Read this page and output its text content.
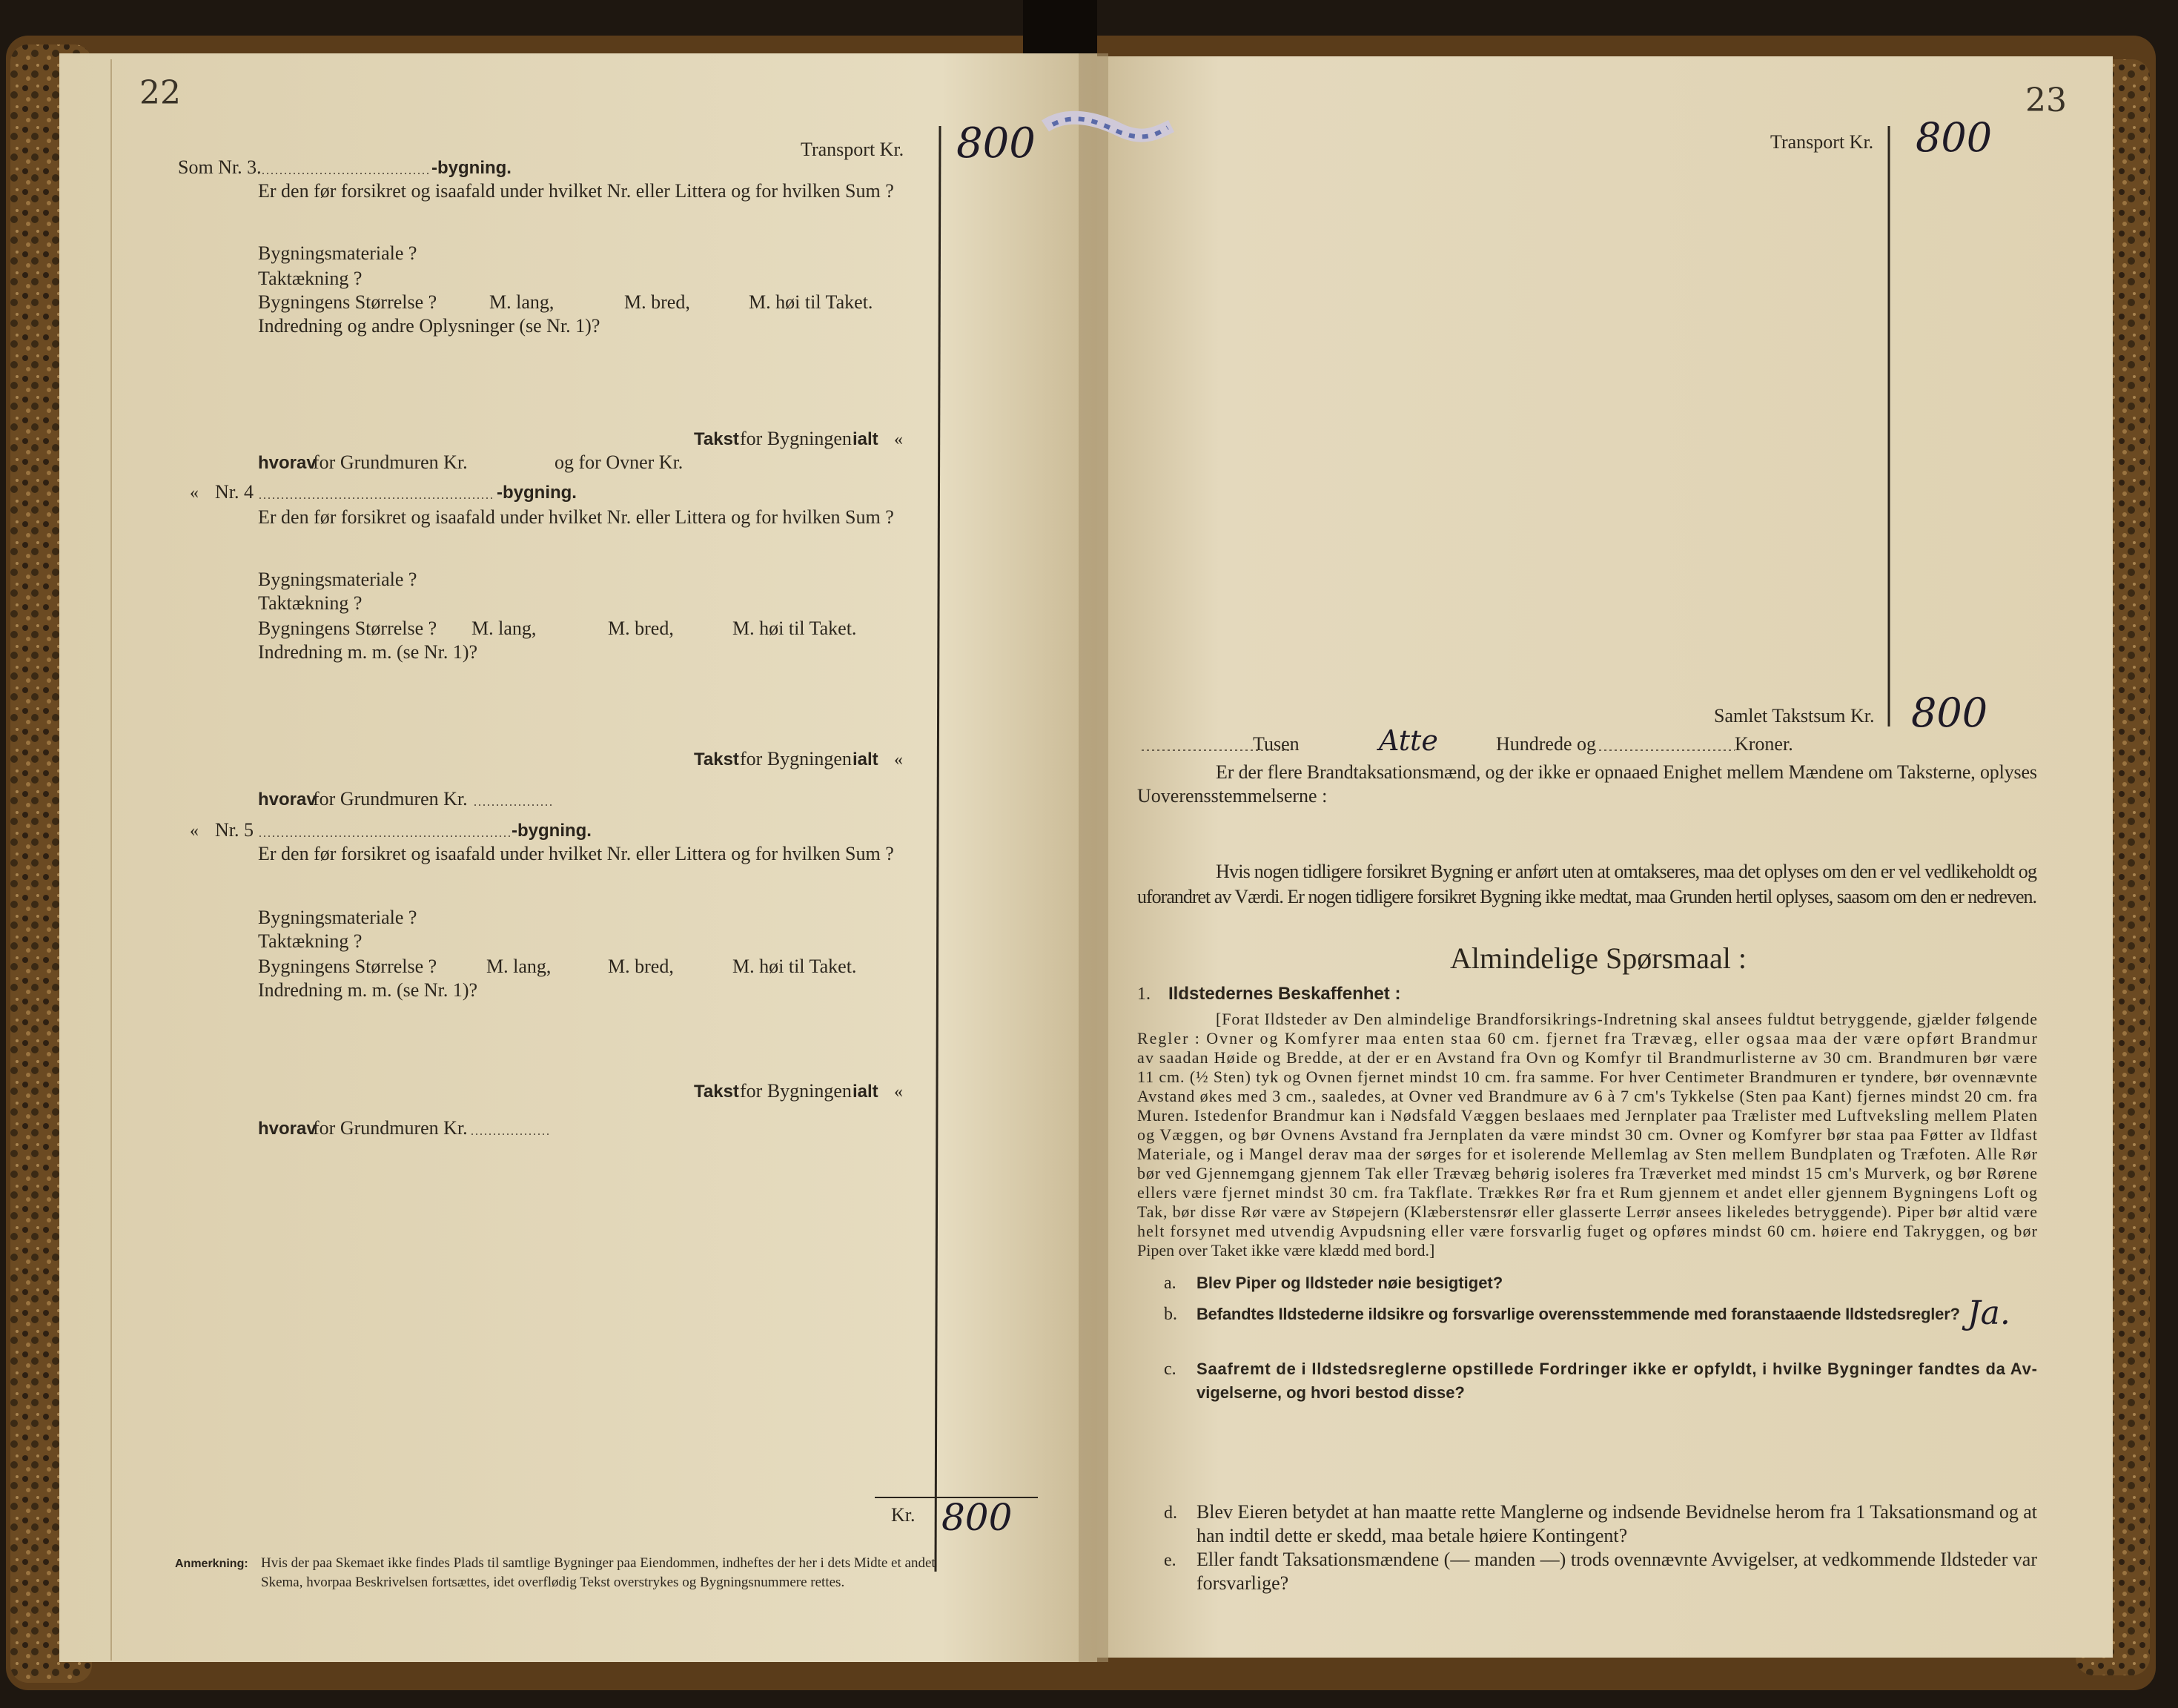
22
Transport Kr. 800
Som Nr. 3.	-bygning.
Er den før forsikret og isaafald under hvilket Nr. eller Littera og for hvilken Sum ?
Bygningsmateriale ?
Taktækning ?
Bygningens Størrelse ?	M. lang,	M. bred,	M. høi til Taket.
Indredning og andre Oplysninger (se Nr. 1)?
Takst for Bygningen ialt «
hvorav
for Grundmuren Kr.	og for Ovner Kr.
« Nr. 4	-bygning.
Er den før forsikret og isaafald under hvilket Nr. eller Littera og for hvilken Sum ?
Bygningsmateriale ?
Taktækning ?
Bygningens Størrelse ? M. lang,	M. bred,	M. høi til Taket.
Indredning m. m. (se Nr. 1)?
Takst for Bygningen ialt «
hvorav
for Grundmuren Kr.
« Nr. 5	-bygning.
Er den før forsikret og isaafald under hvilket Nr. eller Littera og for hvilken Sum ?
Bygningsmateriale ?
Taktækning ?
Bygningens Størrelse ?	M. lang,	M. bred,	M. høi til Taket.
Indredning m. m. (se Nr. 1)?
Takst for Bygningen ialt «
hvorav
for Grundmuren Kr.
Kr. 800
Anmerkning: Hvis der paa Skemaet ikke findes Plads til samtlige Bygninger paa Eiendommen, indheftes der her i dets Midte et andet
Skema, hvorpaa Beskrivelsen fortsættes, idet overflødig Tekst overstrykes og Bygningsnummere rettes.
23
Transport Kr. 800
Samlet Takstsum Kr. 800
Tusen	Atte	Hundrede og	Kroner.
Er der flere Brandtaksationsmænd, og der ikke er opnaaed Enighet mellem Mændene om Taksterne, oplyses
Uoverensstemmelserne :
Hvis nogen tidligere forsikret Bygning er anført uten at omtakseres, maa det oplyses om den er vel vedlikeholdt og
uforandret av Værdi. Er nogen tidligere forsikret Bygning ikke medtat, maa Grunden hertil oplyses, saasom om den er nedreven.
Almindelige Spørsmaal :
1. Ildstedernes Beskaffenhet :
[Forat Ildsteder av Den almindelige Brandforsikrings-Indretning skal ansees fuldtut betryggende, gjælder følgende
Regler : Ovner og Komfyrer maa enten staa 60 cm. fjernet fra Trævæg, eller ogsaa maa der være opført Brandmur
av saadan Høide og Bredde, at der er en Avstand fra Ovn og Komfyr til Brandmurlisterne av 30 cm. Brandmuren bør være
11 cm. (½ Sten) tyk og Ovnen fjernet mindst 10 cm. fra samme. For hver Centimeter Brandmuren er tyndere, bør ovennævnte
Avstand økes med 3 cm., saaledes, at Ovner ved Brandmure av 6 à 7 cm's Tykkelse (Sten paa Kant) fjernes mindst 20 cm. fra
Muren. Istedenfor Brandmur kan i Nødsfald Væggen beslaaes med Jernplater paa Trælister med Luftveksling mellem Platen
og Væggen, og bør Ovnens Avstand fra Jernplaten da være mindst 30 cm. Ovner og Komfyrer bør staa paa Føtter av Ildfast
Materiale, og i Mangel derav maa der sørges for et isolerende Mellemlag av Sten mellem Bundplaten og Træfoten. Alle Rør
bør ved Gjennemgang gjennem Tak eller Trævæg behørig isoleres fra Træverket med mindst 15 cm's Murverk, og bør Rørene
ellers være fjernet mindst 30 cm. fra Takflate. Trækkes Rør fra et Rum gjennem et andet eller gjennem Bygningens Loft og
Tak, bør disse Rør være av Støpejern (Klæberstensrør eller glasserte Lerrør ansees likeledes betryggende). Piper bør altid være
helt forsynet med utvendig Avpudsning eller være forsvarlig fuget og opføres mindst 60 cm. høiere end Takryggen, og bør
Pipen over Taket ikke være klædd med bord.]
a. Blev Piper og Ildsteder nøie besigtiget?
b. Befandtes Ildstederne ildsikre og forsvarlige overensstemmende med foranstaaende Ildstedsregler? Ja.
c. Saafremt de i Ildstedsreglerne opstillede Fordringer ikke er opfyldt, i hvilke Bygninger fandtes da Av-
vigelserne, og hvori bestod disse?
d. Blev Eieren betydet at han maatte rette Manglerne og indsende Bevidnelse herom fra 1 Taksationsmand og at
han indtil dette er skedd, maa betale høiere Kontingent?
e. Eller fandt Taksationsmændene (— manden —) trods ovennævnte Avvigelser, at vedkommende Ildsteder var
forsvarlige?
